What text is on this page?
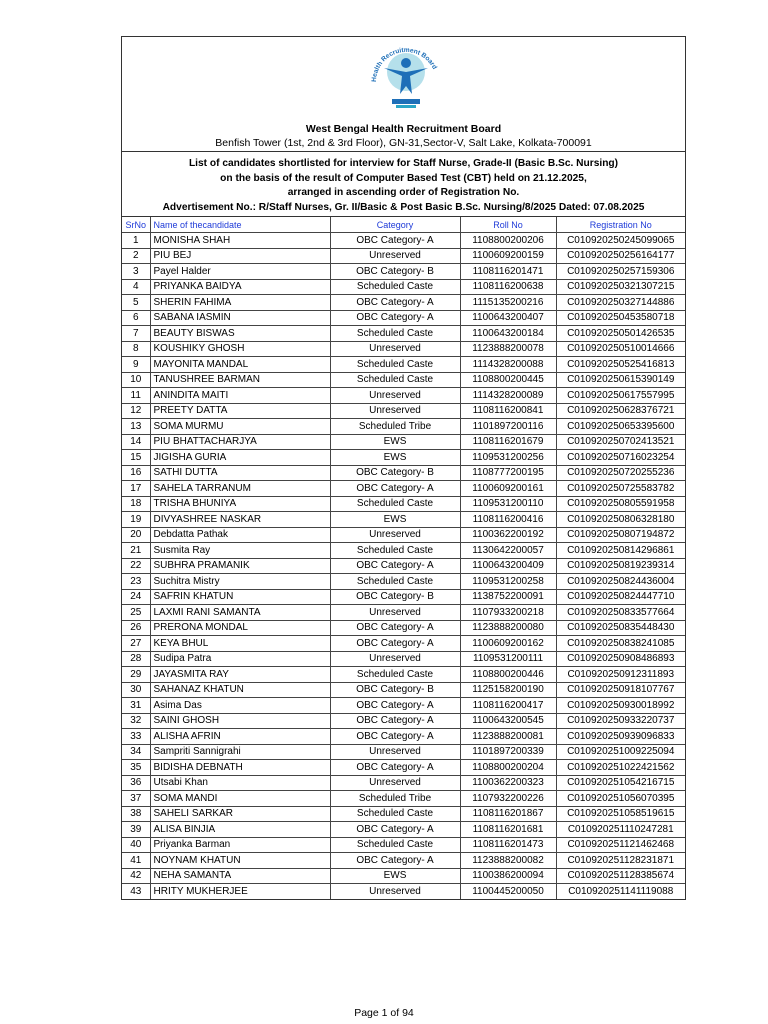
Health Recruitment Board
West Bengal Health Recruitment Board
Benfish Tower (1st, 2nd & 3rd Floor), GN-31,Sector-V, Salt Lake, Kolkata-700091
List of candidates shortlisted for interview for Staff Nurse, Grade-II (Basic B.Sc. Nursing)
on the basis of the result of Computer Based Test (CBT) held on 21.12.2025,
arranged in ascending order of Registration No.
Advertisement No.: R/Staff Nurses, Gr. II/Basic & Post Basic B.Sc. Nursing/8/2025 Dated: 07.08.2025
SrNo	Name of thecandidate	Category	Roll No	Registration No
1	MONISHA SHAH	OBC Category- A	1108800200206	C010920250245099065
2	PIU BEJ	Unreserved	1100609200159	C010920250256164177
3	Payel Halder	OBC Category- B	1108116201471	C010920250257159306
4	PRIYANKA BAIDYA	Scheduled Caste	1108116200638	C010920250321307215
5	SHERIN FAHIMA	OBC Category- A	1115135200216	C010920250327144886
6	SABANA IASMIN	OBC Category- A	1100643200407	C010920250453580718
7	BEAUTY BISWAS	Scheduled Caste	1100643200184	C010920250501426535
8	KOUSHIKY GHOSH	Unreserved	1123888200078	C010920250510014666
9	MAYONITA MANDAL	Scheduled Caste	1114328200088	C010920250525416813
10	TANUSHREE BARMAN	Scheduled Caste	1108800200445	C010920250615390149
11	ANINDITA MAITI	Unreserved	1114328200089	C010920250617557995
12	PREETY DATTA	Unreserved	1108116200841	C010920250628376721
13	SOMA MURMU	Scheduled Tribe	1101897200116	C010920250653395600
14	PIU BHATTACHARJYA	EWS	1108116201679	C010920250702413521
15	JIGISHA GURIA	EWS	1109531200256	C010920250716023254
16	SATHI DUTTA	OBC Category- B	1108777200195	C010920250720255236
17	SAHELA TARRANUM	OBC Category- A	1100609200161	C010920250725583782
18	TRISHA BHUNIYA	Scheduled Caste	1109531200110	C010920250805591958
19	DIVYASHREE NASKAR	EWS	1108116200416	C010920250806328180
20	Debdatta Pathak	Unreserved	1100362200192	C010920250807194872
21	Susmita Ray	Scheduled Caste	1130642200057	C010920250814296861
22	SUBHRA PRAMANIK	OBC Category- A	1100643200409	C010920250819239314
23	Suchitra Mistry	Scheduled Caste	1109531200258	C010920250824436004
24	SAFRIN KHATUN	OBC Category- B	1138752200091	C010920250824447710
25	LAXMI RANI SAMANTA	Unreserved	1107933200218	C010920250833577664
26	PRERONA MONDAL	OBC Category- A	1123888200080	C010920250835448430
27	KEYA BHUL	OBC Category- A	1100609200162	C010920250838241085
28	Sudipa Patra	Unreserved	1109531200111	C010920250908486893
29	JAYASMITA RAY	Scheduled Caste	1108800200446	C010920250912311893
30	SAHANAZ KHATUN	OBC Category- B	1125158200190	C010920250918107767
31	Asima Das	OBC Category- A	1108116200417	C010920250930018992
32	SAINI GHOSH	OBC Category- A	1100643200545	C010920250933220737
33	ALISHA AFRIN	OBC Category- A	1123888200081	C010920250939096833
34	Sampriti Sannigrahi	Unreserved	1101897200339	C010920251009225094
35	BIDISHA DEBNATH	OBC Category- A	1108800200204	C010920251022421562
36	Utsabi Khan	Unreserved	1100362200323	C010920251054216715
37	SOMA MANDI	Scheduled Tribe	1107932200226	C010920251056070395
38	SAHELI SARKAR	Scheduled Caste	1108116201867	C010920251058519615
39	ALISA BINJIA	OBC Category- A	1108116201681	C010920251110247281
40	Priyanka Barman	Scheduled Caste	1108116201473	C010920251121462468
41	NOYNAM KHATUN	OBC Category- A	1123888200082	C010920251128231871
42	NEHA SAMANTA	EWS	1100386200094	C010920251128385674
43	HRITY MUKHERJEE	Unreserved	1100445200050	C010920251141119088
Page 1 of 94
